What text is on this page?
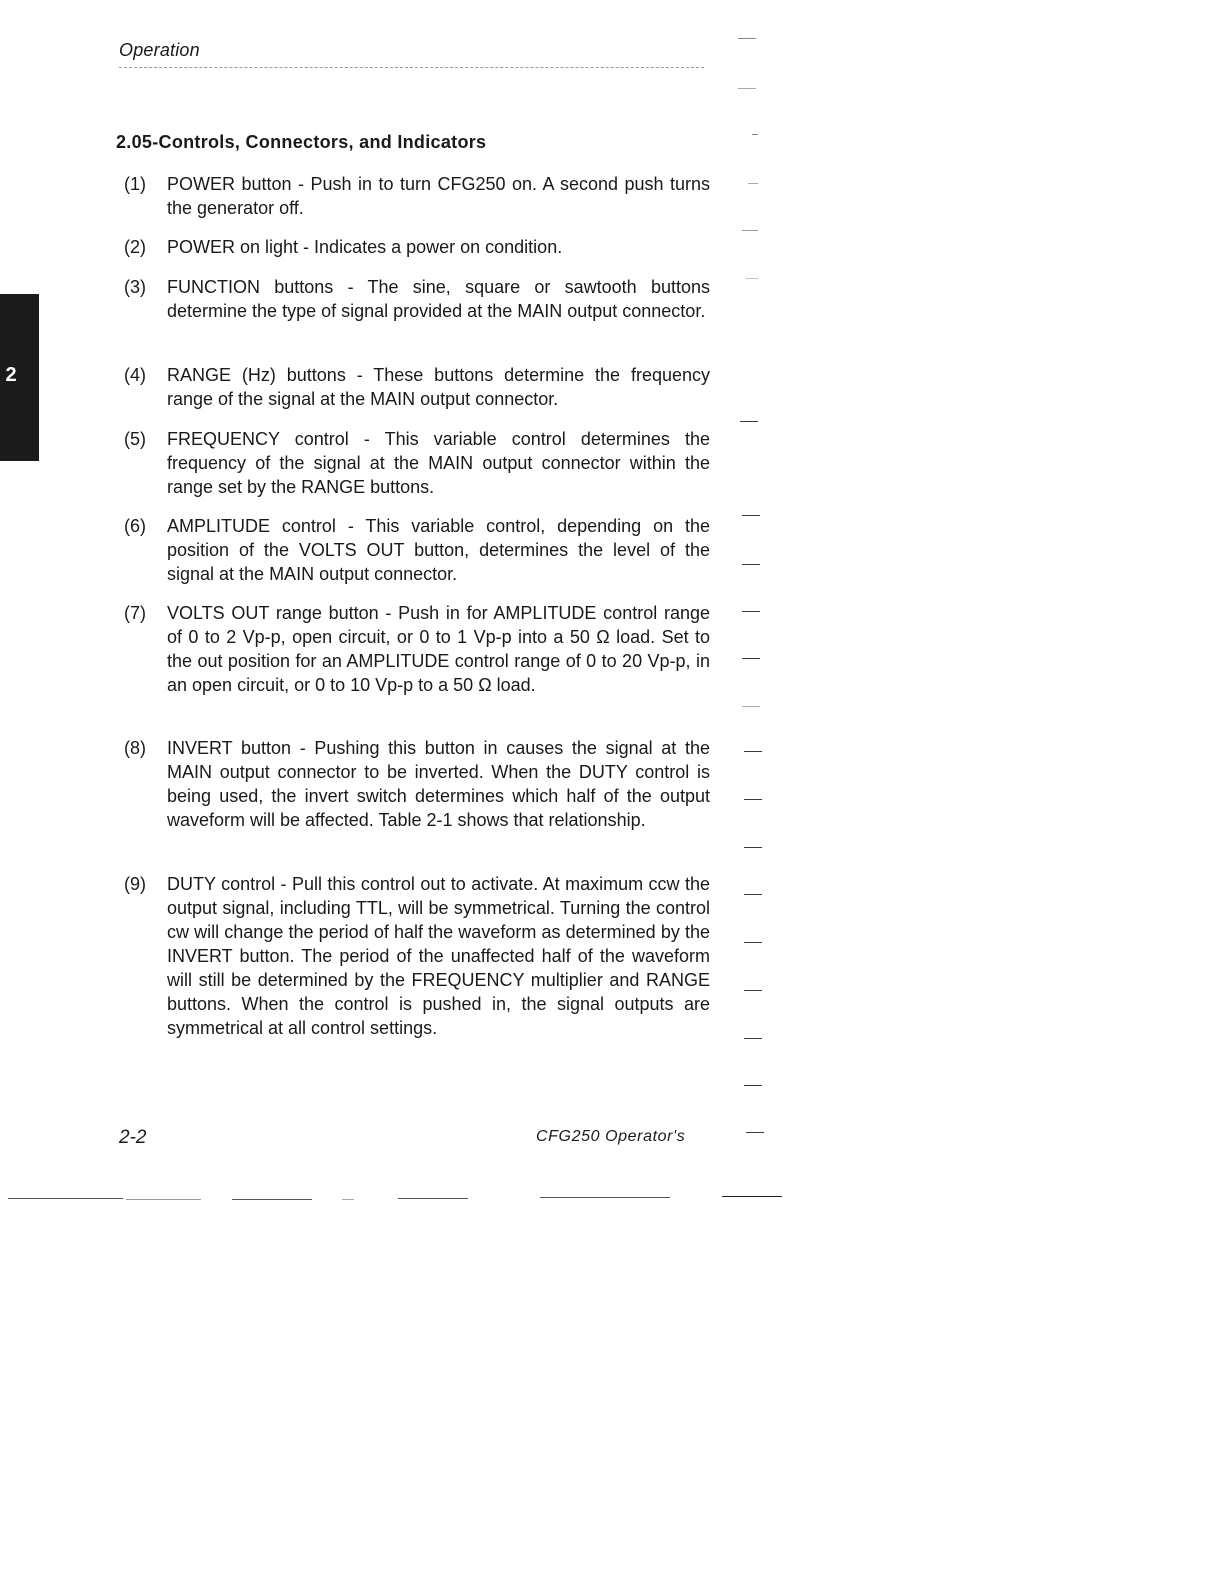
Operation
2.05-Controls, Connectors, and Indicators
2
(1) POWER button - Push in to turn CFG250 on. A second push turns the generator off.
(2) POWER on light - Indicates a power on condition.
(3) FUNCTION buttons - The sine, square or sawtooth buttons determine the type of signal provided at the MAIN output connector.
(4) RANGE (Hz) buttons - These buttons determine the frequency range of the signal at the MAIN output connector.
(5) FREQUENCY control - This variable control determines the frequency of the signal at the MAIN output connector within the range set by the RANGE buttons.
(6) AMPLITUDE control - This variable control, depending on the position of the VOLTS OUT button, determines the level of the signal at the MAIN output connector.
(7) VOLTS OUT range button - Push in for AMPLITUDE control range of 0 to 2 Vp-p, open circuit, or 0 to 1 Vp-p into a 50 Ω load. Set to the out position for an AMPLITUDE control range of 0 to 20 Vp-p, in an open circuit, or 0 to 10 Vp-p to a 50 Ω load.
(8) INVERT button - Pushing this button in causes the signal at the MAIN output connector to be inverted. When the DUTY control is being used, the invert switch determines which half of the output waveform will be affected. Table 2-1 shows that relationship.
(9) DUTY control - Pull this control out to activate. At maximum ccw the output signal, including TTL, will be symmetrical. Turning the control cw will change the period of half the waveform as determined by the INVERT button. The period of the unaffected half of the waveform will still be determined by the FREQUENCY multiplier and RANGE buttons. When the control is pushed in, the signal outputs are symmetrical at all control settings.
2-2	CFG250 Operator's
